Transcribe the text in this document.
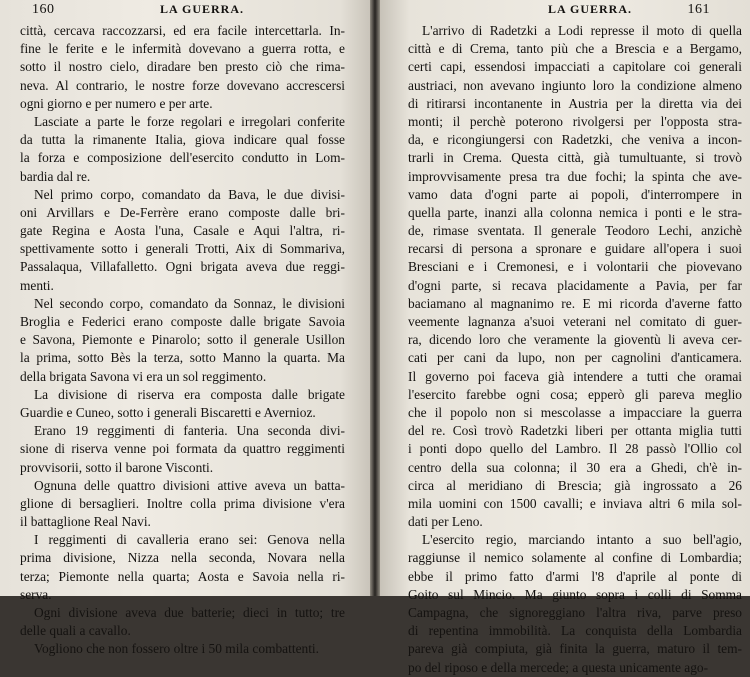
160	LA GUERRA.
città, cercava raccozzarsi, ed era facile intercettarla. In-
fine le ferite e le infermità dovevano a guerra rotta, e
sotto il nostro cielo, diradare ben presto ciò che rima-
neva. Al contrario, le nostre forze dovevano accrescersi
ogni giorno e per numero e per arte.
Lasciate a parte le forze regolari e irregolari conferite
da tutta la rimanente Italia, giova indicare qual fosse
la forza e composizione dell'esercito condutto in Lom-
bardia dal re.
Nel primo corpo, comandato da Bava, le due divisi-
oni Arvillars e De-Ferrère erano composte dalle bri-
gate Regina e Aosta l'una, Casale e Aqui l'altra, ri-
spettivamente sotto i generali Trotti, Aix di Sommariva,
Passalaqua, Villafalletto. Ogni brigata aveva due reggi-
menti.
Nel secondo corpo, comandato da Sonnaz, le divisioni
Broglia e Federici erano composte dalle brigate Savoia
e Savona, Piemonte e Pinarolo; sotto il generale Usillon
la prima, sotto Bès la terza, sotto Manno la quarta. Ma
della brigata Savona vi era un sol reggimento.
La divisione di riserva era composta dalle brigate
Guardie e Cuneo, sotto i generali Biscaretti e Avernioz.
Erano 19 reggimenti di fanteria. Una seconda divi-
sione di riserva venne poi formata da quattro reggimenti
provvisorii, sotto il barone Visconti.
Ognuna delle quattro divisioni attive aveva un batta-
glione di bersaglieri. Inoltre colla prima divisione v'era
il battaglione Real Navi.
I reggimenti di cavalleria erano sei: Genova nella
prima divisione, Nizza nella seconda, Novara nella
terza; Piemonte nella quarta; Aosta e Savoia nella ri-
serva.
Ogni divisione aveva due batterie; dieci in tutto; tre
delle quali a cavallo.
Vogliono che non fossero oltre i 50 mila combattenti.
LA GUERRA.	161
L'arrivo di Radetzki a Lodi represse il moto di quella
città e di Crema, tanto più che a Brescia e a Bergamo,
certi capi, essendosi impacciati a capitolare coi generali
austriaci, non avevano ingiunto loro la condizione almeno
di ritirarsi incontanente in Austria per la diretta via dei
monti; il perchè poterono rivolgersi per l'opposta stra-
da, e ricongiungersi con Radetzki, che veniva a incon-
trarli in Crema. Questa città, già tumultuante, si trovò
improvvisamente presa tra due fochi; la spinta che ave-
vamo data d'ogni parte ai popoli, d'interrompere in
quella parte, inanzi alla colonna nemica i ponti e le stra-
de, rimase sventata. Il generale Teodoro Lechi, anzichè
recarsi di persona a spronare e guidare all'opera i suoi
Bresciani e i Cremonesi, e i volontarii che piovevano
d'ogni parte, si recava placidamente a Pavia, per far
baciamano al magnanimo re. E mi ricorda d'averne fatto
veemente lagnanza a'suoi veterani nel comitato di guer-
ra, dicendo loro che veramente la gioventù li aveva cer-
cati per cani da lupo, non per cagnolini d'anticamera.
Il governo poi faceva già intendere a tutti che oramai
l'esercito farebbe ogni cosa; epperò gli pareva meglio
che il popolo non si mescolasse a impacciare la guerra
del re. Così trovò Radetzki liberi per ottanta miglia tutti
i ponti dopo quello del Lambro. Il 28 passò l'Ollio col
centro della sua colonna; il 30 era a Ghedi, ch'è in-
circa al meridiano di Brescia; già ingrossato a 26
mila uomini con 1500 cavalli; e inviava altri 6 mila sol-
dati per Leno.
L'esercito regio, marciando intanto a suo bell'agio,
raggiunse il nemico solamente al confine di Lombardia;
ebbe il primo fatto d'armi l'8 d'aprile al ponte di
Goito sul Mincio. Ma giunto sopra i colli di Somma
Campagna, che signoreggiano l'altra riva, parve preso
di repentina immobilità. La conquista della Lombardia
pareva già compiuta, già finita la guerra, maturo il tem-
po del riposo e della mercede; a questa unicamente ago-
